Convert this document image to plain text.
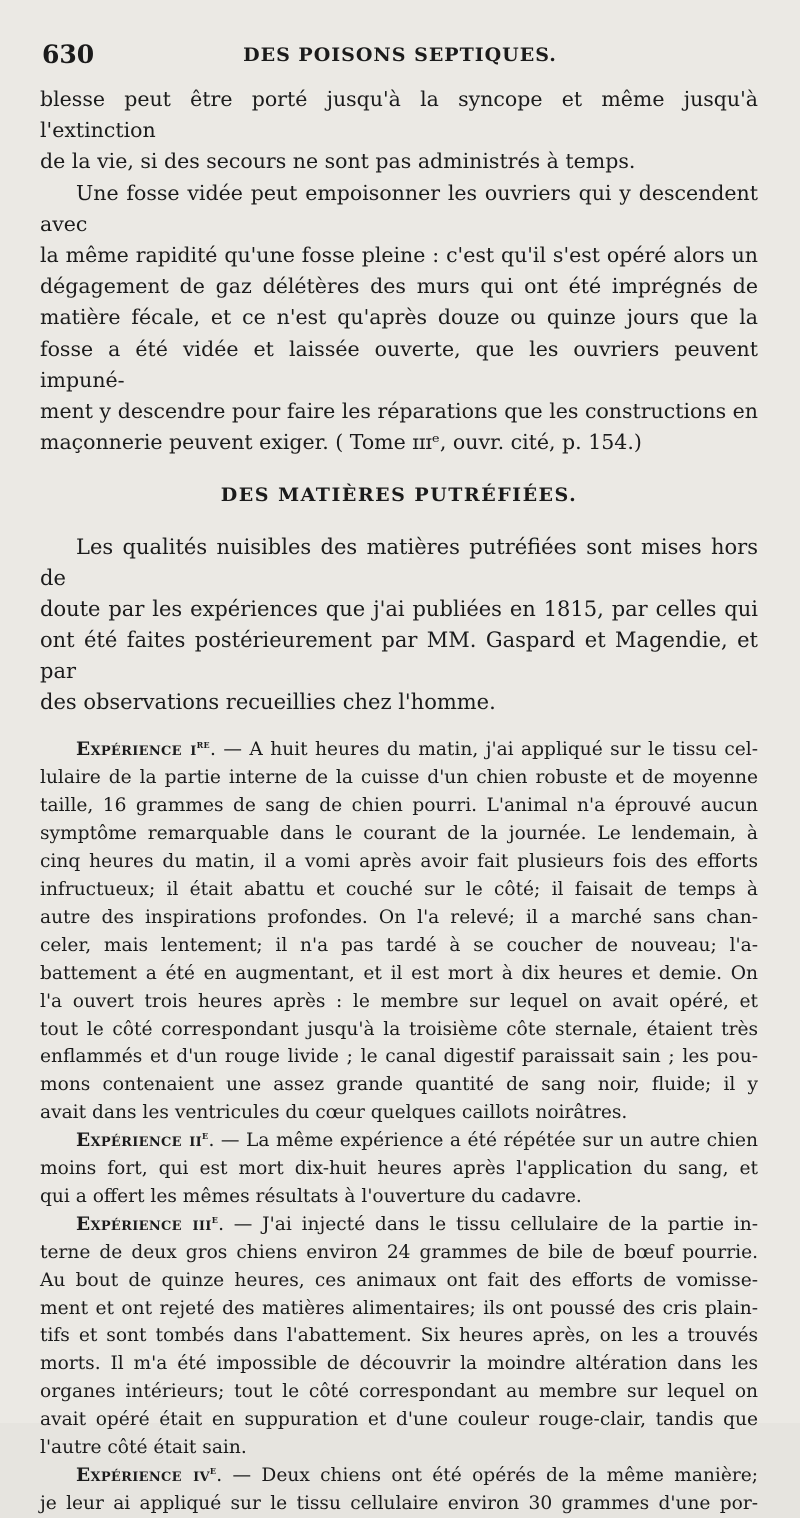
630	DES POISONS SEPTIQUES.

blesse peut être porté jusqu'à la syncope et même jusqu'à l'extinction
de la vie, si des secours ne sont pas administrés à temps.

Une fosse vidée peut empoisonner les ouvriers qui y descendent avec
la même rapidité qu'une fosse pleine : c'est qu'il s'est opéré alors un
dégagement de gaz délétères des murs qui ont été imprégnés de
matière fécale, et ce n'est qu'après douze ou quinze jours que la
fosse a été vidée et laissée ouverte, que les ouvriers peuvent impuné-
ment y descendre pour faire les réparations que les constructions en
maçonnerie peuvent exiger. ( Tome ɪɪɪᵉ, ouvr. cité, p. 154.)

DES MATIÈRES PUTRÉFIÉES.

Les qualités nuisibles des matières putréfiées sont mises hors de
doute par les expériences que j'ai publiées en 1815, par celles qui
ont été faites postérieurement par MM. Gaspard et Magendie, et par
des observations recueillies chez l'homme.

Expérience $i^{re}$. — A huit heures du matin, j'ai appliqué sur le tissu cel-
lulaire de la partie interne de la cuisse d'un chien robuste et de moyenne
taille, 16 grammes de sang de chien pourri. L'animal n'a éprouvé aucun
symptôme remarquable dans le courant de la journée. Le lendemain, à
cinq heures du matin, il a vomi après avoir fait plusieurs fois des efforts
infructueux; il était abattu et couché sur le côté; il faisait de temps à
autre des inspirations profondes. On l'a relevé; il a marché sans chan-
celer, mais lentement; il n'a pas tardé à se coucher de nouveau; l'a-
battement a été en augmentant, et il est mort à dix heures et demie. On
l'a ouvert trois heures après : le membre sur lequel on avait opéré, et
tout le côté correspondant jusqu'à la troisième côte sternale, étaient très
enflammés et d'un rouge livide ; le canal digestif paraissait sain ; les pou-
mons contenaient une assez grande quantité de sang noir, fluide; il y
avait dans les ventricules du cœur quelques caillots noirâtres.

Expérience $ii^e$. — La même expérience a été répétée sur un autre chien
moins fort, qui est mort dix-huit heures après l'application du sang, et
qui a offert les mêmes résultats à l'ouverture du cadavre.

Expérience iii$^e$. — J'ai injecté dans le tissu cellulaire de la partie in-
terne de deux gros chiens environ 24 grammes de bile de bœuf pourrie.
Au bout de quinze heures, ces animaux ont fait des efforts de vomisse-
ment et ont rejeté des matières alimentaires; ils ont poussé des cris plain-
tifs et sont tombés dans l'abattement. Six heures après, on les a trouvés
morts. Il m'a été impossible de découvrir la moindre altération dans les
organes intérieurs; tout le côté correspondant au membre sur lequel on
avait opéré était en suppuration et d'une couleur rouge-clair, tandis que
l'autre côté était sain.

Expérience $iv^e$. — Deux chiens ont été opérés de la même manière;
je leur ai appliqué sur le tissu cellulaire environ 30 grammes d'une por-
